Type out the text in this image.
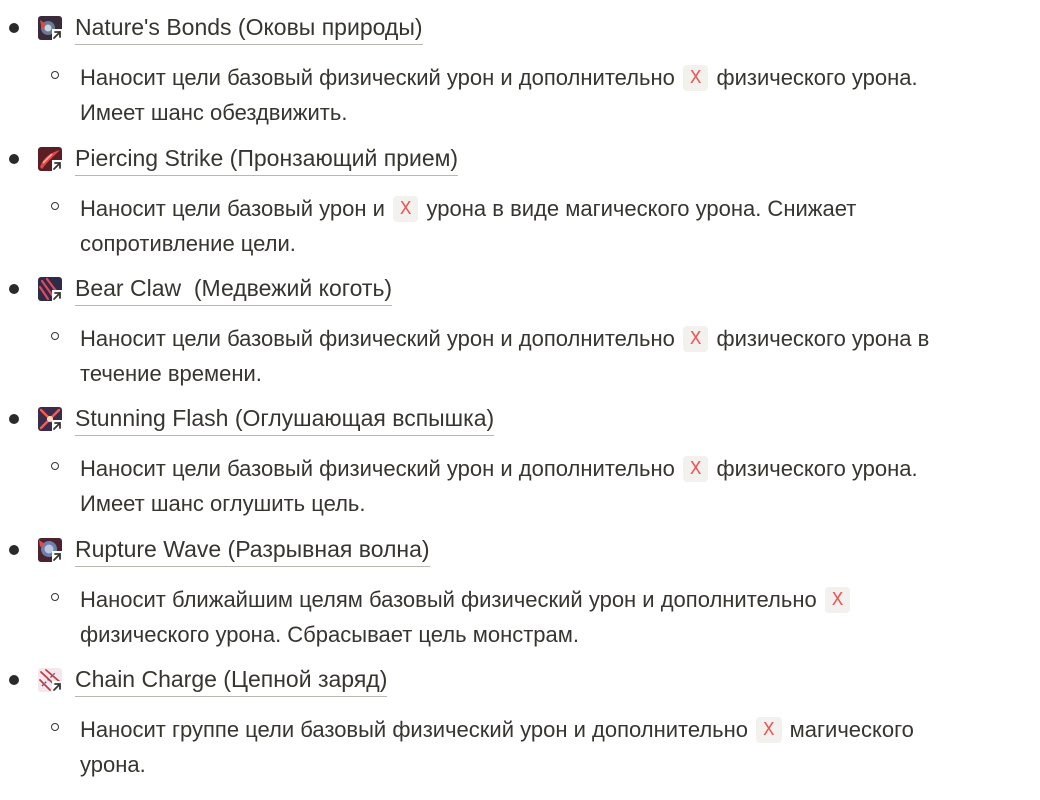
Nature's Bonds (Оковы природы)
Наносит цели базовый физический урон и дополнительно X физического урона.
Имеет шанс обездвижить.
Piercing Strike (Пронзающий прием)
Наносит цели базовый урон и X урона в виде магического урона. Снижает
сопротивление цели.
Bear Claw  (Медвежий коготь)
Наносит цели базовый физический урон и дополнительно X физического урона в
течение времени.
Stunning Flash (Оглушающая вспышка)
Наносит цели базовый физический урон и дополнительно X физического урона.
Имеет шанс оглушить цель.
Rupture Wave (Разрывная волна)
Наносит ближайшим целям базовый физический урон и дополнительно X
физического урона. Сбрасывает цель монстрам.
Chain Charge (Цепной заряд)
Наносит группе цели базовый физический урон и дополнительно X магического
урона.
